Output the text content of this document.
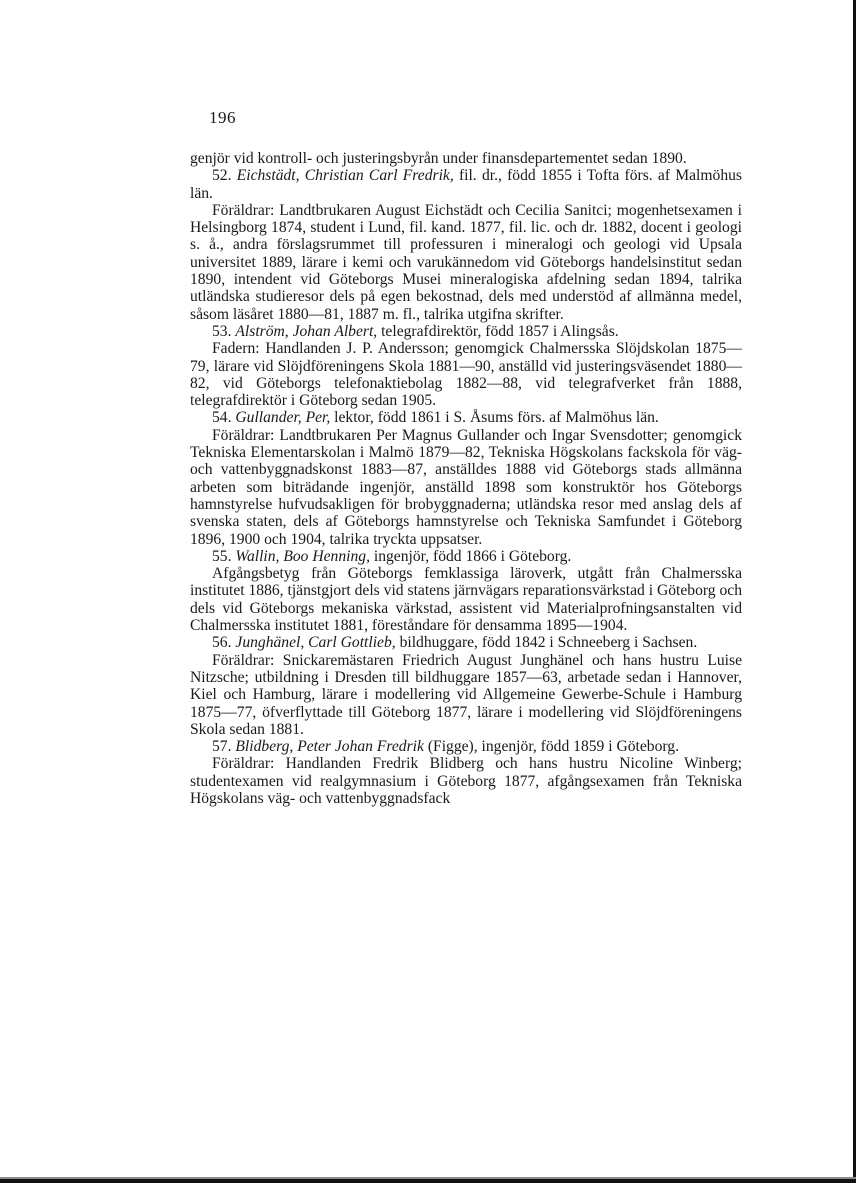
196

genjör vid kontroll- och justeringsbyrån under finansdepartementet sedan 1890.

52. Eichstädt, Christian Carl Fredrik, fil. dr., född 1855 i Tofta förs. af Malmöhus län.

Föräldrar: Landtbrukaren August Eichstädt och Cecilia Sanitci; mogenhetsexamen i Helsingborg 1874, student i Lund, fil. kand. 1877, fil. lic. och dr. 1882, docent i geologi s. å., andra förslagsrummet till professuren i mineralogi och geologi vid Upsala universitet 1889, lärare i kemi och varukännedom vid Göteborgs handelsinstitut sedan 1890, intendent vid Göteborgs Musei mineralogiska afdelning sedan 1894, talrika utländska studieresor dels på egen bekostnad, dels med understöd af allmänna medel, såsom läsåret 1880—81, 1887 m. fl., talrika utgifna skrifter.

53. Alström, Johan Albert, telegrafdirektör, född 1857 i Alingsås.

Fadern: Handlanden J. P. Andersson; genomgick Chalmersska Slöjdskolan 1875—79, lärare vid Slöjdföreningens Skola 1881—90, anställd vid justeringsväsendet 1880—82, vid Göteborgs telefonaktiebolag 1882—88, vid telegrafverket från 1888, telegrafdirektör i Göteborg sedan 1905.

54. Gullander, Per, lektor, född 1861 i S. Åsums förs. af Malmöhus län.

Föräldrar: Landtbrukaren Per Magnus Gullander och Ingar Svensdotter; genomgick Tekniska Elementarskolan i Malmö 1879—82, Tekniska Högskolans fackskola för väg- och vattenbyggnadskonst 1883—87, anställdes 1888 vid Göteborgs stads allmänna arbeten som biträdande ingenjör, anställd 1898 som konstruktör hos Göteborgs hamnstyrelse hufvudsakligen för brobyggnaderna; utländska resor med anslag dels af svenska staten, dels af Göteborgs hamnstyrelse och Tekniska Samfundet i Göteborg 1896, 1900 och 1904, talrika tryckta uppsatser.

55. Wallin, Boo Henning, ingenjör, född 1866 i Göteborg.

Afgångsbetyg från Göteborgs femklassiga läroverk, utgått från Chalmersska institutet 1886, tjänstgjort dels vid statens järnvägars reparationsvärkstad i Göteborg och dels vid Göteborgs mekaniska värkstad, assistent vid Materialprofningsanstalten vid Chalmersska institutet 1881, föreståndare för densamma 1895—1904.

56. Junghänel, Carl Gottlieb, bildhuggare, född 1842 i Schneeberg i Sachsen.

Föräldrar: Snickaremästaren Friedrich August Junghänel och hans hustru Luise Nitzsche; utbildning i Dresden till bildhuggare 1857—63, arbetade sedan i Hannover, Kiel och Hamburg, lärare i modellering vid Allgemeine Gewerbe-Schule i Hamburg 1875—77, öfverflyttade till Göteborg 1877, lärare i modellering vid Slöjdföreningens Skola sedan 1881.

57. Blidberg, Peter Johan Fredrik (Figge), ingenjör, född 1859 i Göteborg.

Föräldrar: Handlanden Fredrik Blidberg och hans hustru Nicoline Winberg; studentexamen vid realgymnasium i Göteborg 1877, afgångsexamen från Tekniska Högskolans väg- och vattenbyggnadsfack
